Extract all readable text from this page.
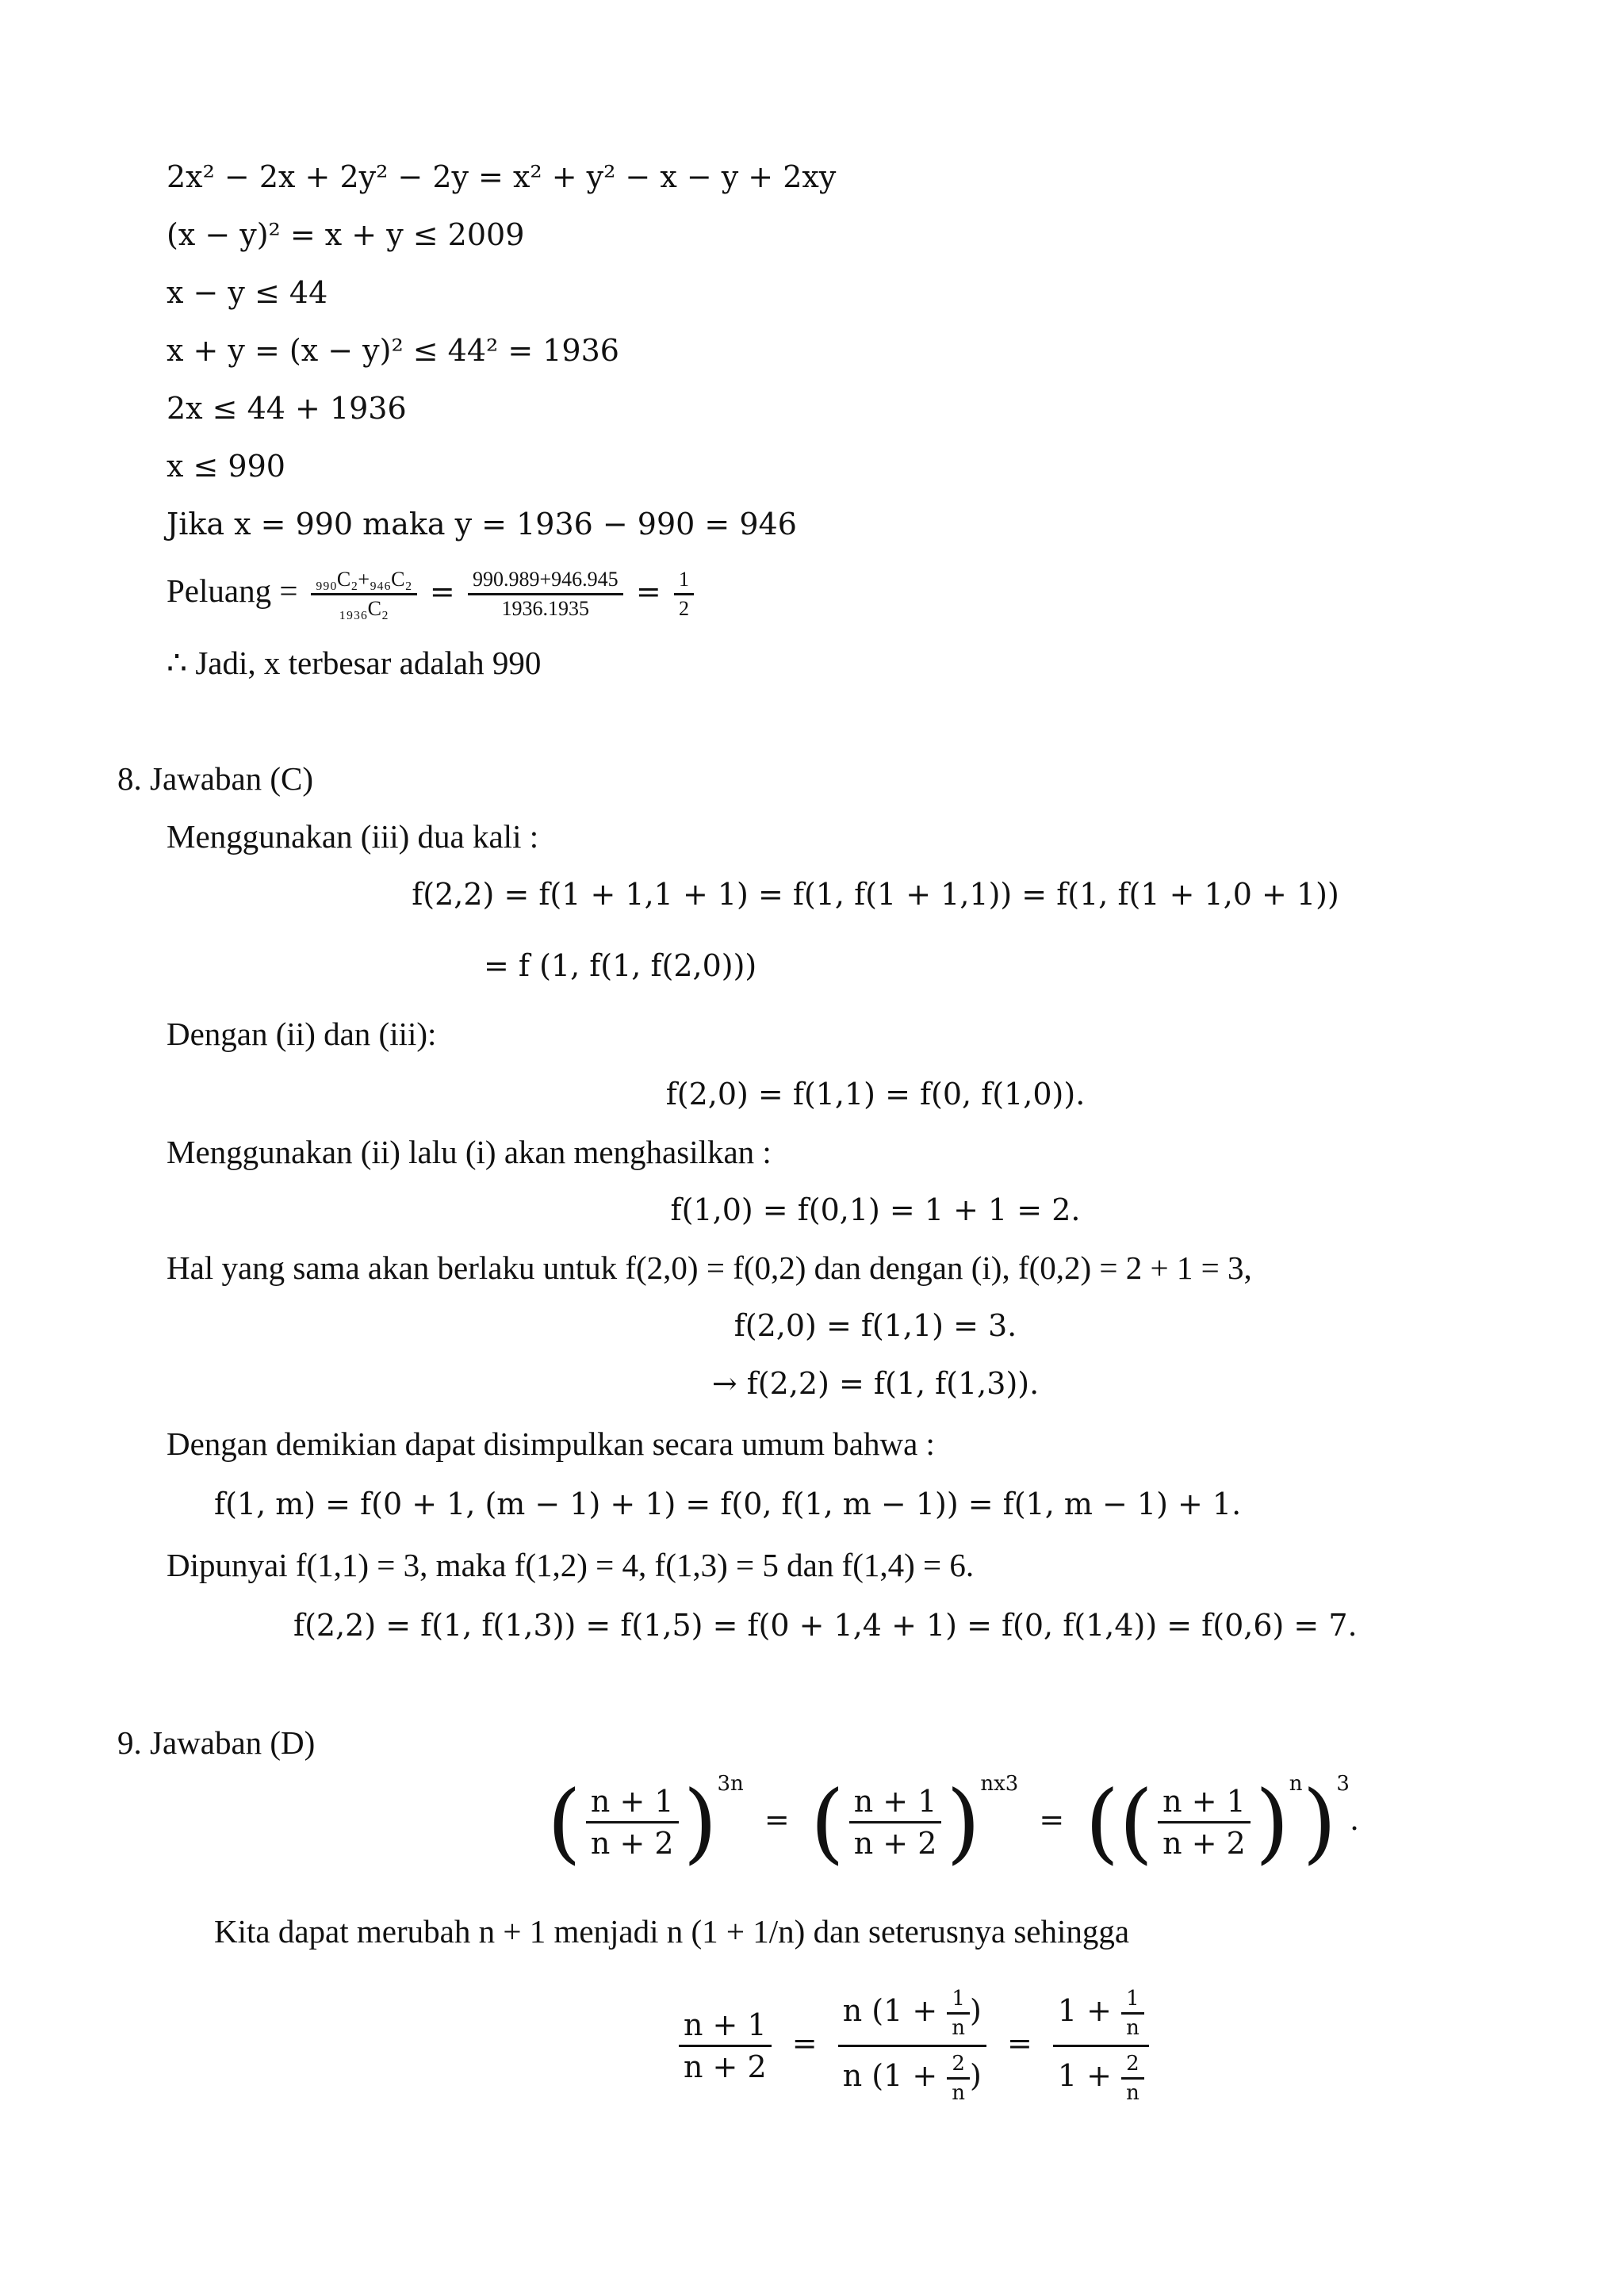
2x² − 2x + 2y² − 2y = x² + y² − x − y + 2xy
(x − y)² = x + y ≤ 2009
x − y ≤ 44
x + y = (x − y)² ≤ 44² = 1936
2x ≤ 44 + 1936
x ≤ 990
Jika x = 990 maka y = 1936 − 990 = 946
Peluang = $\frac{\text{₉₉₀C₂+₉₄₆C₂}}{\text{₁₉₃₆C₂}} = \frac{990.989+946.945}{1936.1935} = \frac{1}{2}$
∴ Jadi, x terbesar adalah 990
8. Jawaban (C)
Menggunakan (iii) dua kali :
f(2,2) = f(1 + 1,1 + 1) = f(1, f(1 + 1,1)) = f(1, f(1 + 1,0 + 1))
= f (1, f(1, f(2,0)))
Dengan (ii) dan (iii):
f(2,0) = f(1,1) = f(0, f(1,0)).
Menggunakan (ii) lalu (i) akan menghasilkan :
f(1,0) = f(0,1) = 1 + 1 = 2.
Hal yang sama akan berlaku untuk f(2,0) = f(0,2) dan dengan (i), f(0,2) = 2 + 1 = 3,
f(2,0) = f(1,1) = 3.
→ f(2,2) = f(1, f(1,3)).
Dengan demikian dapat disimpulkan secara umum bahwa :
f(1, m) = f(0 + 1, (m − 1) + 1) = f(0, f(1, m − 1)) = f(1, m − 1) + 1.
Dipunyai f(1,1) = 3, maka f(1,2) = 4, f(1,3) = 5 dan f(1,4) = 6.
f(2,2) = f(1, f(1,3)) = f(1,5) = f(0 + 1,4 + 1) = f(0, f(1,4)) = f(0,6) = 7.
9. Jawaban (D)
( $\frac{n + 1}{n + 2} )^{3n}$ = ( $\frac{n + 1}{n + 2} )^{nx3}$ = (( $\frac{n + 1}{n + 2} )^n)^3$.
Kita dapat merubah n + 1 menjadi n (1 + 1/n) dan seterusnya sehingga
$\frac{n + 1}{n + 2} = \frac{n (1 + \frac{1}{n} )}{n (1 + \frac{2}{n} )} = \frac{1 + \frac{1}{n}}{1 + \frac{2}{n}}$
